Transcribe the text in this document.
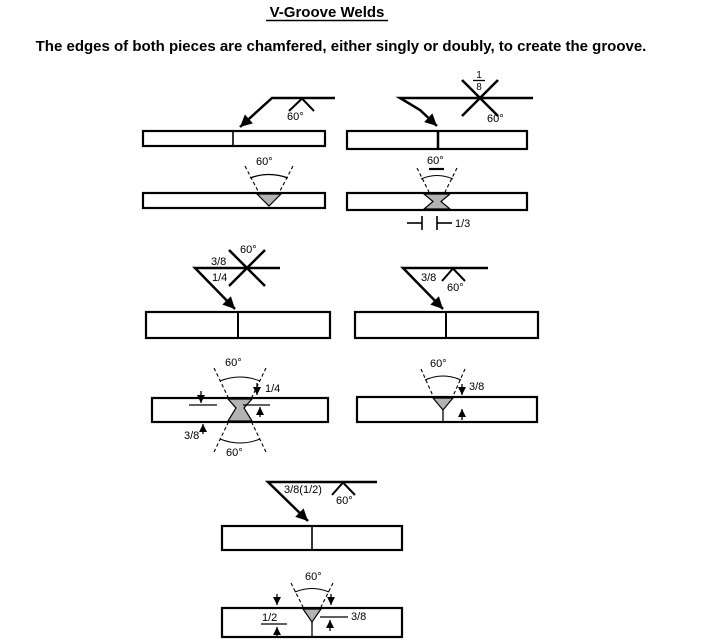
V-Groove Welds
The edges of both pieces are chamfered, either singly or doubly, to create the groove.
60°
60°
1
8
60°
60°
1/3
3/8
60°
1/4	3/8
60°
60°
60°
1/4
3/8
60°
3/8
3/8(1/2)
60°
60°
1/2	3/8
